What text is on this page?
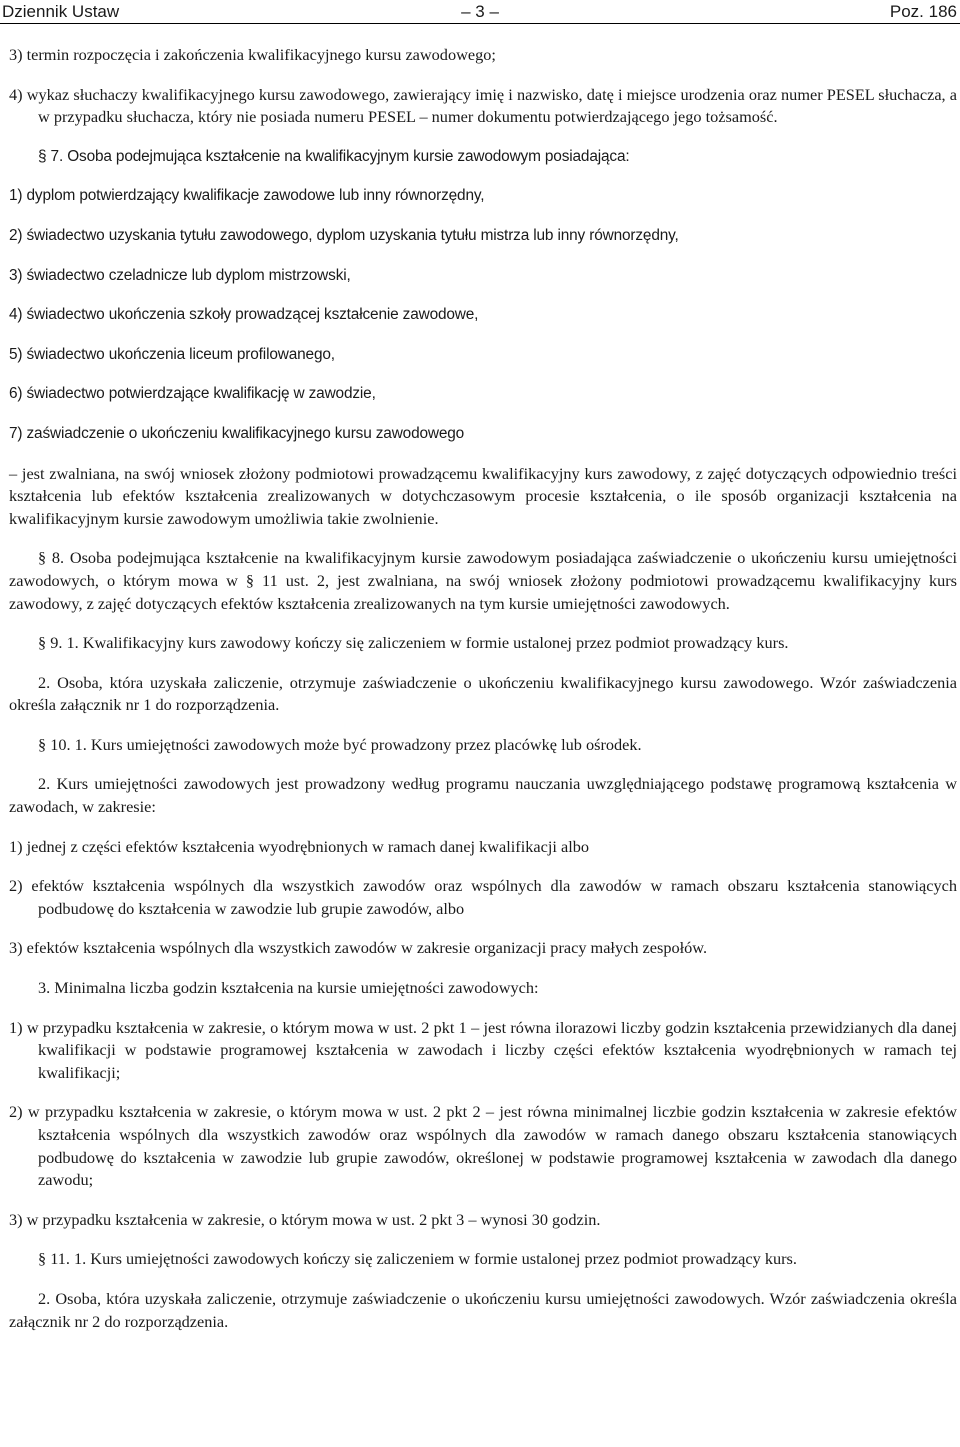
Dziennik Ustaw	– 3 –	Poz. 186

3) termin rozpoczęcia i zakończenia kwalifikacyjnego kursu zawodowego;

4) wykaz słuchaczy kwalifikacyjnego kursu zawodowego, zawierający imię i nazwisko, datę i miejsce urodzenia oraz numer PESEL słuchacza, a w przypadku słuchacza, który nie posiada numeru PESEL – numer dokumentu potwierdzającego jego tożsamość.

§ 7. Osoba podejmująca kształcenie na kwalifikacyjnym kursie zawodowym posiadająca:

1) dyplom potwierdzający kwalifikacje zawodowe lub inny równorzędny,

2) świadectwo uzyskania tytułu zawodowego, dyplom uzyskania tytułu mistrza lub inny równorzędny,

3) świadectwo czeladnicze lub dyplom mistrzowski,

4) świadectwo ukończenia szkoły prowadzącej kształcenie zawodowe,

5) świadectwo ukończenia liceum profilowanego,

6) świadectwo potwierdzające kwalifikację w zawodzie,

7) zaświadczenie o ukończeniu kwalifikacyjnego kursu zawodowego

– jest zwalniana, na swój wniosek złożony podmiotowi prowadzącemu kwalifikacyjny kurs zawodowy, z zajęć dotyczących odpowiednio treści kształcenia lub efektów kształcenia zrealizowanych w dotychczasowym procesie kształcenia, o ile sposób organizacji kształcenia na kwalifikacyjnym kursie zawodowym umożliwia takie zwolnienie.

§ 8. Osoba podejmująca kształcenie na kwalifikacyjnym kursie zawodowym posiadająca zaświadczenie o ukończeniu kursu umiejętności zawodowych, o którym mowa w § 11 ust. 2, jest zwalniana, na swój wniosek złożony podmiotowi prowadzącemu kwalifikacyjny kurs zawodowy, z zajęć dotyczących efektów kształcenia zrealizowanych na tym kursie umiejętności zawodowych.

§ 9. 1. Kwalifikacyjny kurs zawodowy kończy się zaliczeniem w formie ustalonej przez podmiot prowadzący kurs.

2. Osoba, która uzyskała zaliczenie, otrzymuje zaświadczenie o ukończeniu kwalifikacyjnego kursu zawodowego. Wzór zaświadczenia określa załącznik nr 1 do rozporządzenia.

§ 10. 1. Kurs umiejętności zawodowych może być prowadzony przez placówkę lub ośrodek.

2. Kurs umiejętności zawodowych jest prowadzony według programu nauczania uwzględniającego podstawę programową kształcenia w zawodach, w zakresie:

1) jednej z części efektów kształcenia wyodrębnionych w ramach danej kwalifikacji albo

2) efektów kształcenia wspólnych dla wszystkich zawodów oraz wspólnych dla zawodów w ramach obszaru kształcenia stanowiących podbudowę do kształcenia w zawodzie lub grupie zawodów, albo

3) efektów kształcenia wspólnych dla wszystkich zawodów w zakresie organizacji pracy małych zespołów.

3. Minimalna liczba godzin kształcenia na kursie umiejętności zawodowych:

1) w przypadku kształcenia w zakresie, o którym mowa w ust. 2 pkt 1 – jest równa ilorazowi liczby godzin kształcenia przewidzianych dla danej kwalifikacji w podstawie programowej kształcenia w zawodach i liczby części efektów kształcenia wyodrębnionych w ramach tej kwalifikacji;

2) w przypadku kształcenia w zakresie, o którym mowa w ust. 2 pkt 2 – jest równa minimalnej liczbie godzin kształcenia w zakresie efektów kształcenia wspólnych dla wszystkich zawodów oraz wspólnych dla zawodów w ramach danego obszaru kształcenia stanowiących podbudowę do kształcenia w zawodzie lub grupie zawodów, określonej w podstawie programowej kształcenia w zawodach dla danego zawodu;

3) w przypadku kształcenia w zakresie, o którym mowa w ust. 2 pkt 3 – wynosi 30 godzin.

§ 11. 1. Kurs umiejętności zawodowych kończy się zaliczeniem w formie ustalonej przez podmiot prowadzący kurs.

2. Osoba, która uzyskała zaliczenie, otrzymuje zaświadczenie o ukończeniu kursu umiejętności zawodowych. Wzór zaświadczenia określa załącznik nr 2 do rozporządzenia.
